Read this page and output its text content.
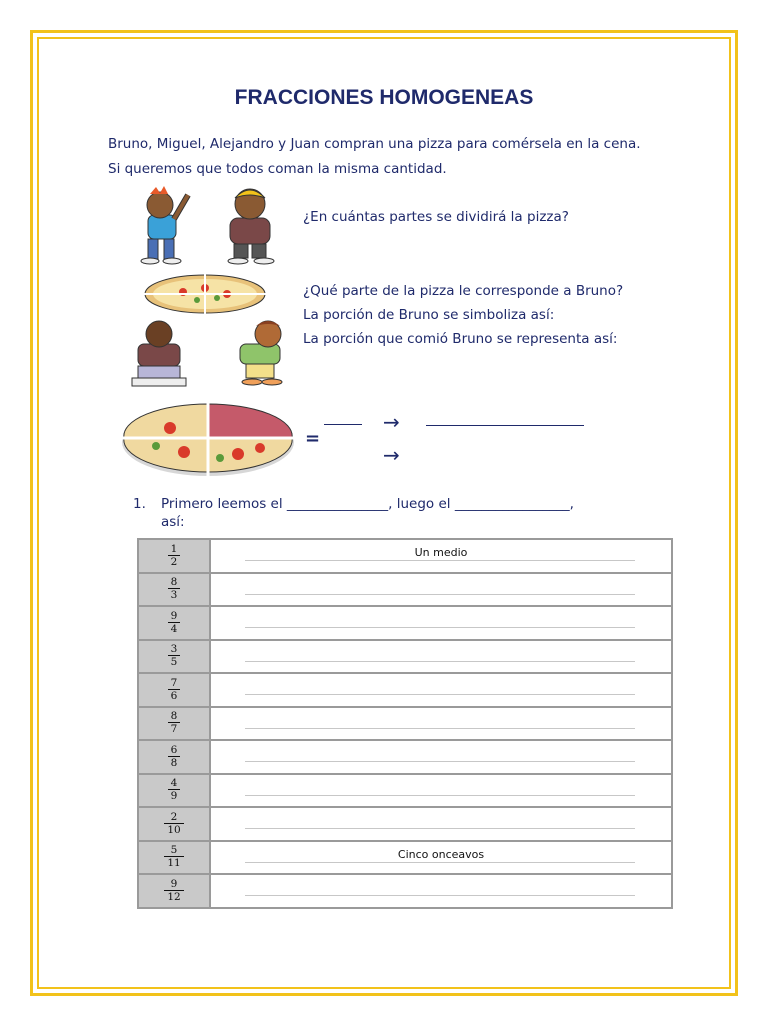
FRACCIONES HOMOGENEAS
Bruno, Miguel, Alejandro y Juan compran una pizza para comérsela en la cena.
Si queremos que todos coman la misma cantidad.
¿En cuántas partes se dividirá la pizza?
¿Qué parte de la pizza le corresponde a Bruno?
La porción de Bruno se simboliza así:
La porción que comió Bruno se representa así:
=
→
→
1. Primero leemos el _______________, luego el _________________,
así:
$\frac{1}{2}$	Un medio

$\frac{8}{3}$

$\frac{9}{4}$

$\frac{3}{5}$

$\frac{7}{6}$

$\frac{8}{7}$

$\frac{6}{8}$

$\frac{4}{9}$

$\frac{2}{10}$

$\frac{5}{11}$	Cinco onceavos

$\frac{9}{12}$
